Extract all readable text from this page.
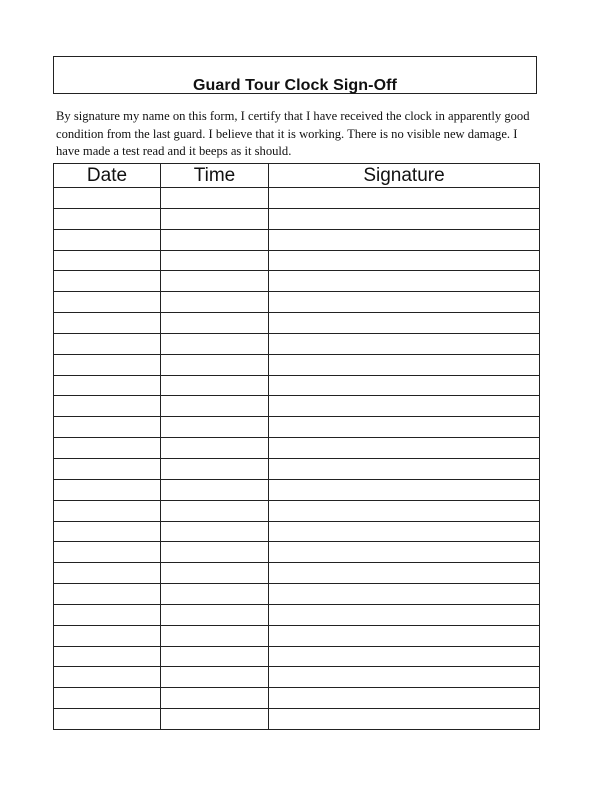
Guard Tour Clock Sign-Off
By signature my name on this form, I certify that I have received the clock in apparently good
condition from the last guard. I believe that it is working. There is no visible new damage. I
have made a test read and it beeps as it should.
Date	Time	Signature
